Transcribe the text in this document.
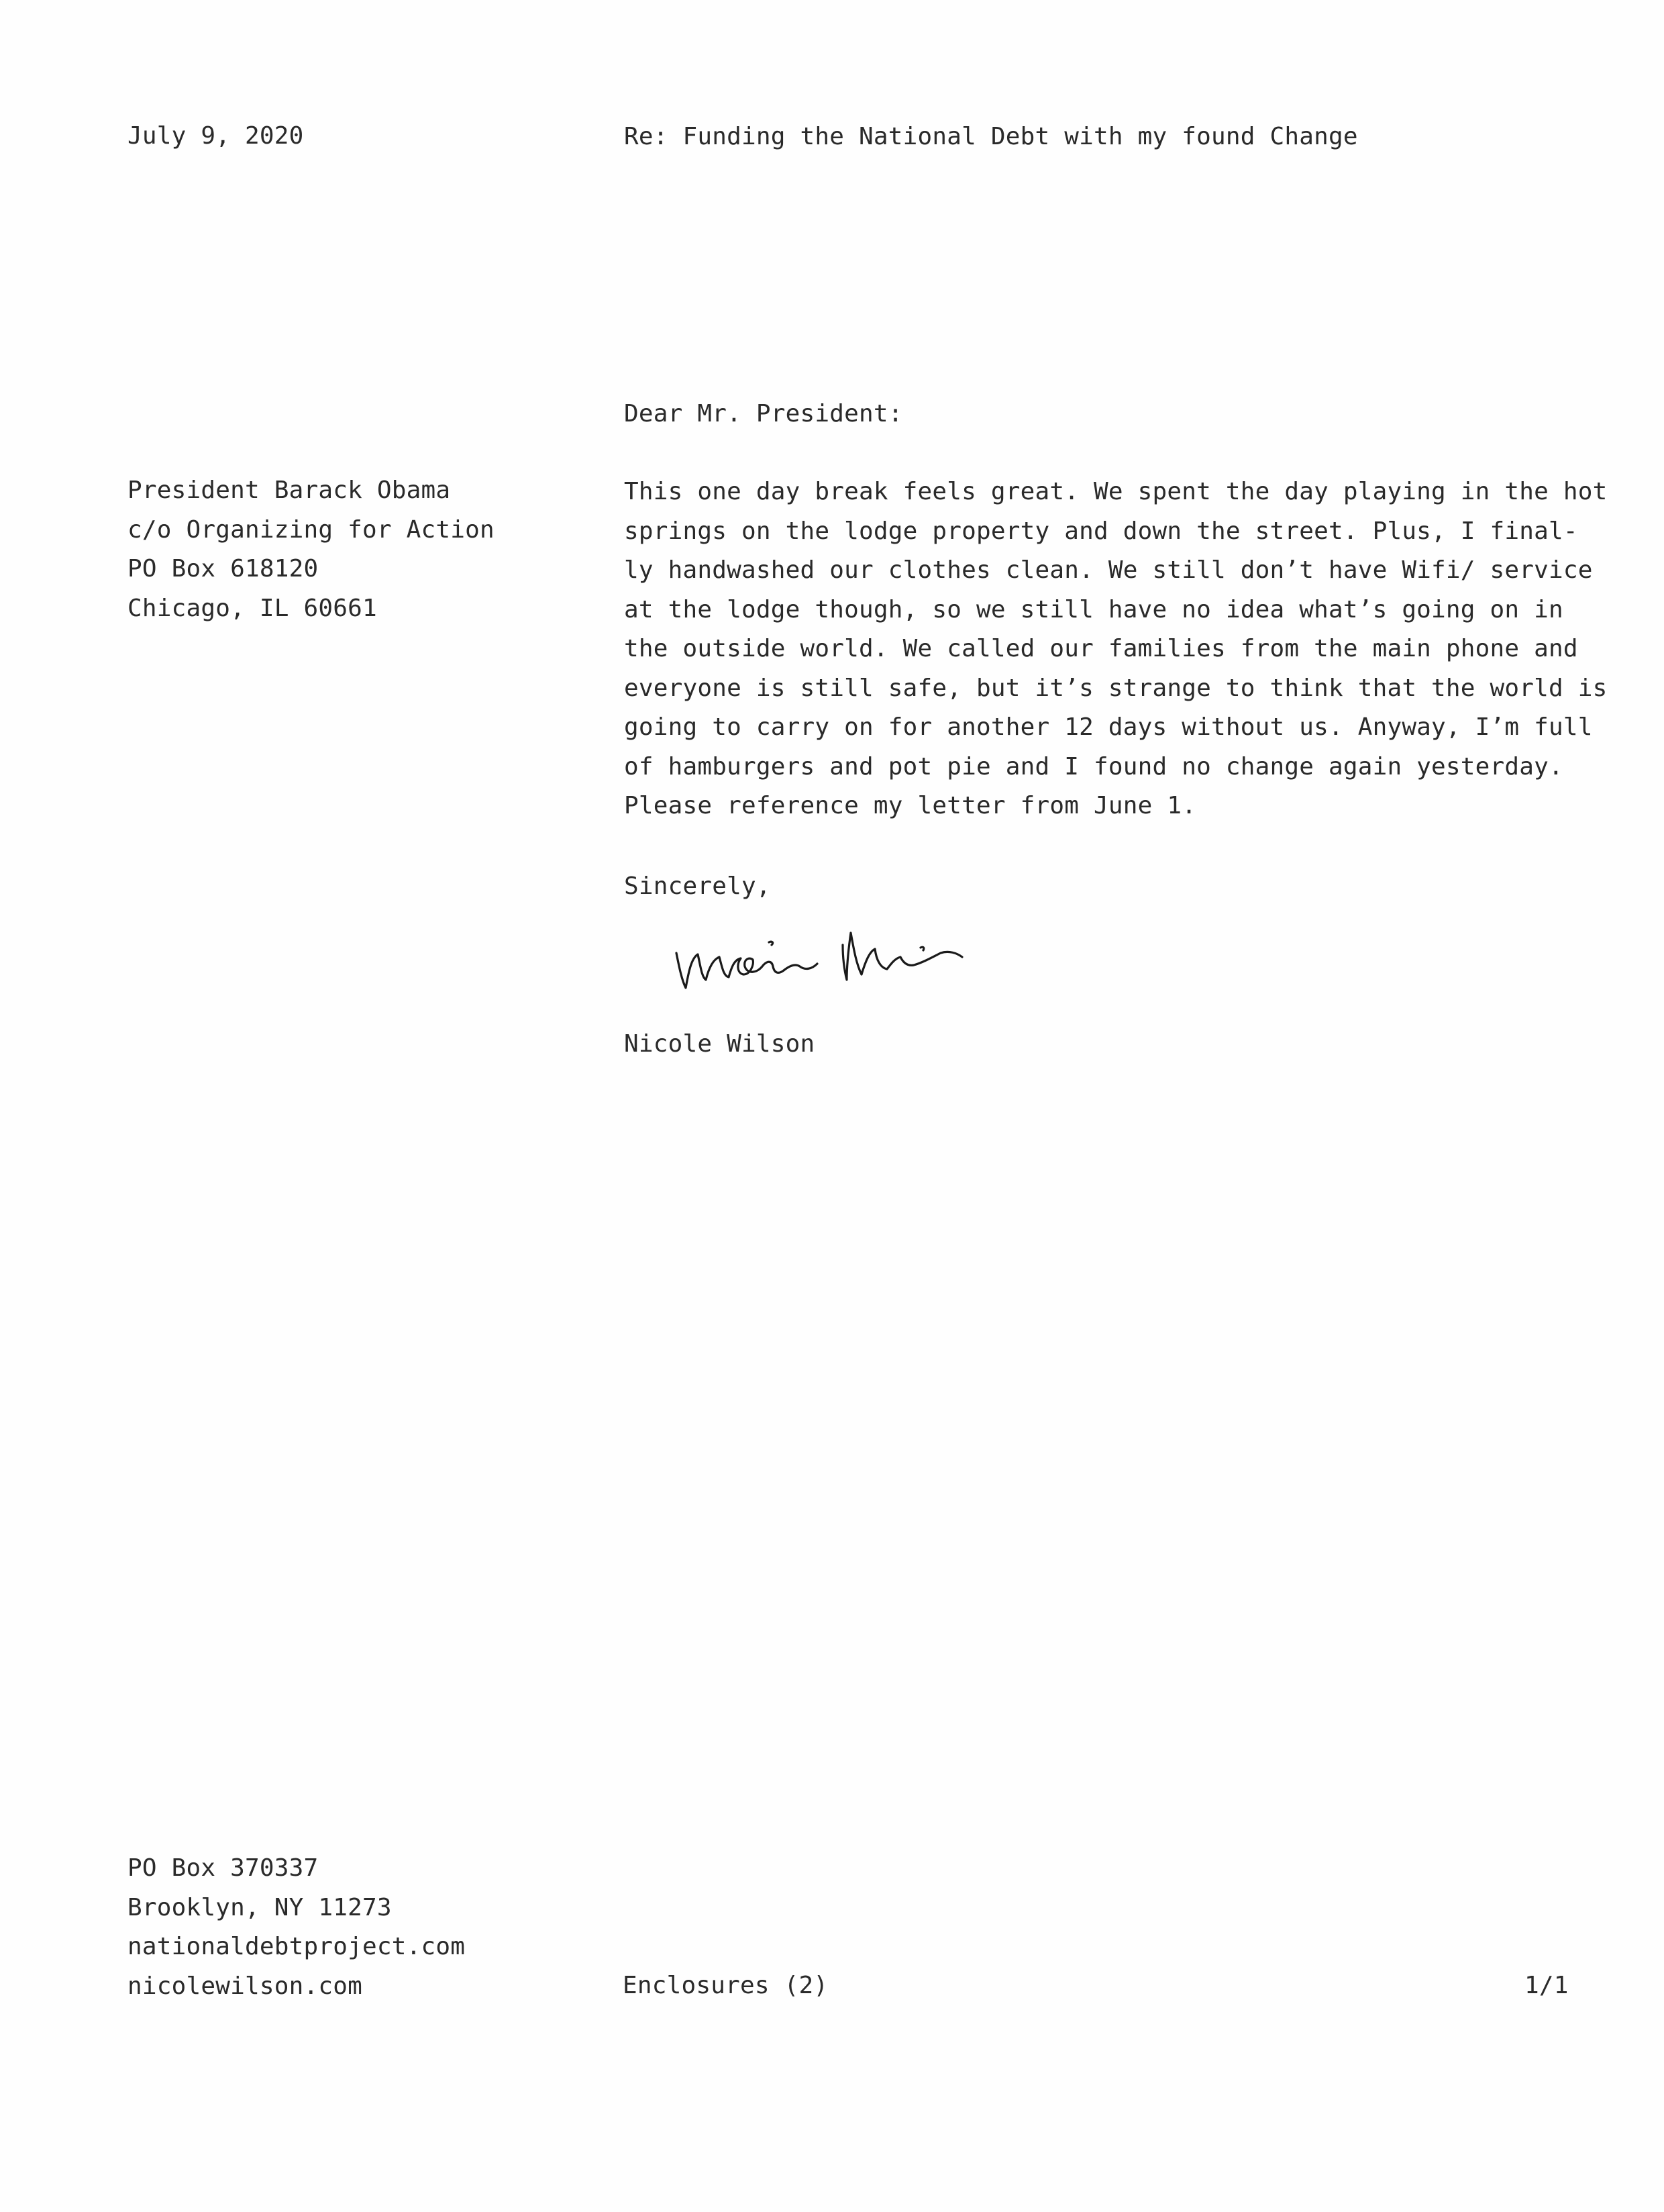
July 9, 2020	Re: Funding the National Debt with my found Change
Dear Mr. President:
President Barack Obama
c/o Organizing for Action
PO Box 618120
Chicago, IL 60661
This one day break feels great. We spent the day playing in the hot
springs on the lodge property and down the street. Plus, I final-
ly handwashed our clothes clean. We still don’t have Wifi/ service
at the lodge though, so we still have no idea what’s going on in
the outside world. We called our families from the main phone and
everyone is still safe, but it’s strange to think that the world is
going to carry on for another 12 days without us. Anyway, I’m full
of hamburgers and pot pie and I found no change again yesterday.
Please reference my letter from June 1.
Sincerely,
Nicole Wilson
PO Box 370337
Brooklyn, NY 11273
nationaldebtproject.com
nicolewilson.com	Enclosures (2)	1/1
